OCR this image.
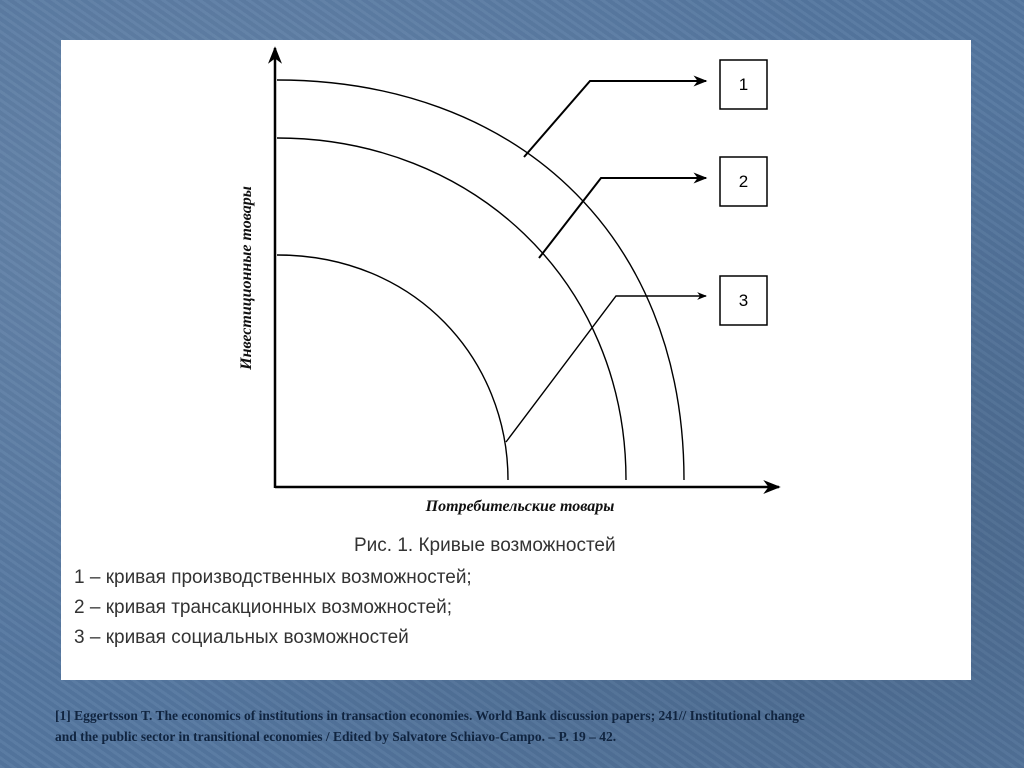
1
2
3
Инвестиционные товары
Потребительские товары
Рис. 1. Кривые возможностей
1 – кривая производственных возможностей;
2 – кривая трансакционных возможностей;
3 – кривая социальных возможностей

[1] Eggertsson T. The economics of institutions in transaction economies. World Bank discussion papers; 241// Institutional change
and the public sector in transitional economies / Edited by Salvatore Schiavo-Campo. – P. 19 – 42.
